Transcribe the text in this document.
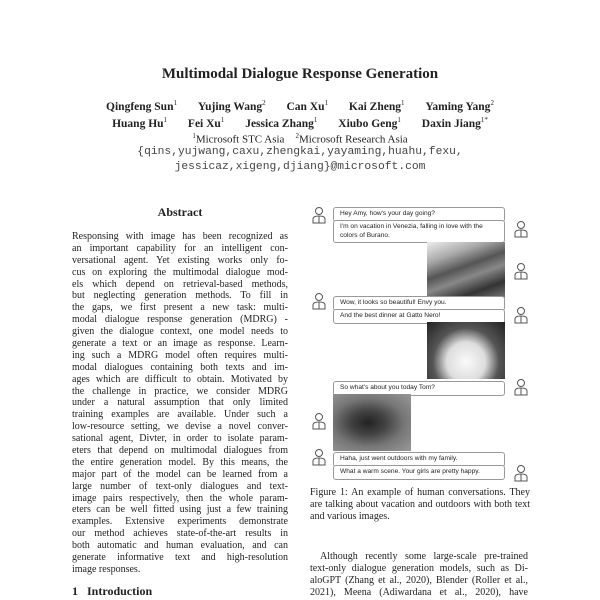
Multimodal Dialogue Response Generation
Qingfeng Sun$^1$ Yujing Wang$^2$ Can Xu$^1$ Kai Zheng$^1$ Yaming Yang$^2$
Huang Hu$^1$ Fei Xu$^1$ Jessica Zhang$^1$ Xiubo Geng$^1$ Daxin Jiang$^{1*}$
$^1$Microsoft STC Asia $^2$Microsoft Research Asia
{qins,yujwang,caxu,zhengkai,yayaming,huahu,fexu,
jessicaz,xigeng,djiang}@microsoft.com
Abstract
Responsing with image has been recognized as
an important capability for an intelligent con-
versational agent. Yet existing works only fo-
cus on exploring the multimodal dialogue mod-
els which depend on retrieval-based methods,
but neglecting generation methods. To fill in
the gaps, we first present a new task: multi-
modal dialogue response generation (MDRG) -
given the dialogue context, one model needs to
generate a text or an image as response. Learn-
ing such a MDRG model often requires multi-
modal dialogues containing both texts and im-
ages which are difficult to obtain. Motivated by
the challenge in practice, we consider MDRG
under a natural assumption that only limited
training examples are available. Under such a
low-resource setting, we devise a novel conver-
sational agent, Divter, in order to isolate param-
eters that depend on multimodal dialogues from
the entire generation model. By this means, the
major part of the model can be learned from a
large number of text-only dialogues and text-
image pairs respectively, then the whole param-
eters can be well fitted using just a few training
examples. Extensive experiments demonstrate
our method achieves state-of-the-art results in
both automatic and human evaluation, and can
generate informative text and high-resolution
image responses.
1 Introduction
Hey Amy, how's your day going?
I'm on vacation in Venezia, falling in love with the colors of Burano.
Wow, it looks so beautiful! Envy you.
And the best dinner at Gatto Nero!
So what's about you today Tom?
Haha, just went outdoors with my family.
What a warm scene. Your girls are pretty happy.
Figure 1: An example of human conversations. They
are talking about vacation and outdoors with both text
and various images.
Although recently some large-scale pre-trained
text-only dialogue generation models, such as Di-
aloGPT (Zhang et al., 2020), Blender (Roller et al.,
2021), Meena (Adiwardana et al., 2020), have
